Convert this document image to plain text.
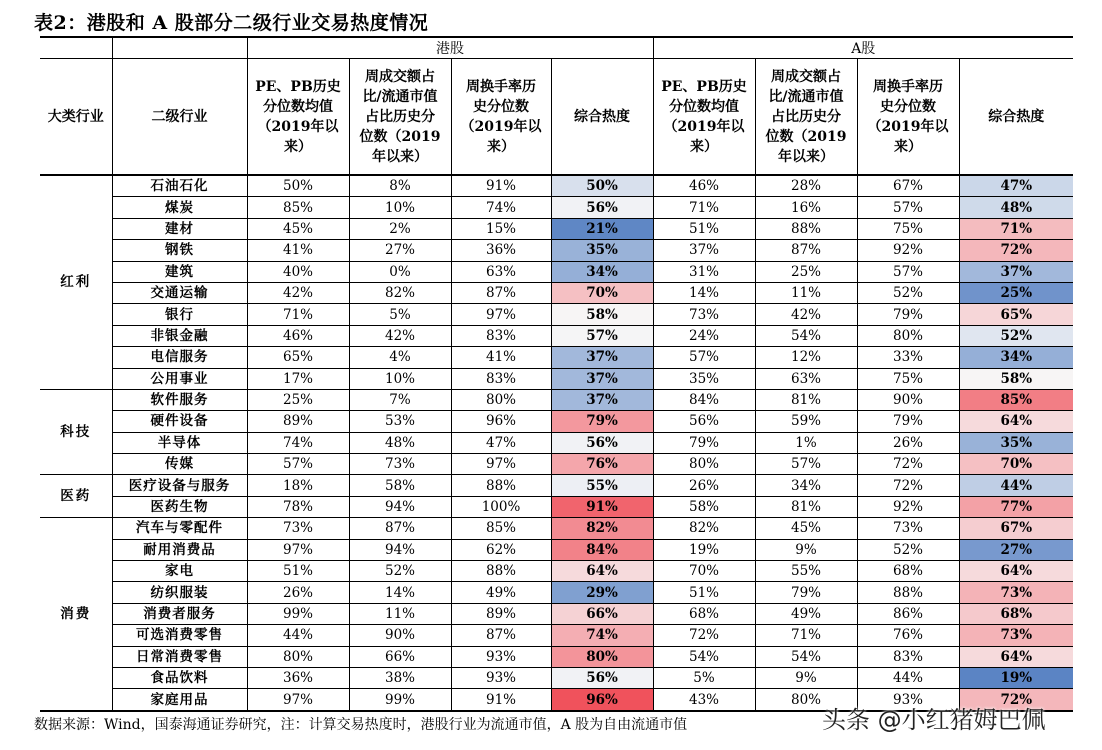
表2：港股和 A 股部分二级行业交易热度情况
		港股				A股			
大类行业	二级行业	PE、PB历史
分位数均值
（2019年以
来）	周成交额占
比/流通市值
占比历史分
位数（2019
年以来）	周换手率历
史分位数
（2019年以
来）	综合热度	PE、PB历史
分位数均值
（2019年以
来）	周成交额占
比/流通市值
占比历史分
位数（2019
年以来）	周换手率历
史分位数
（2019年以
来）	综合热度
红利	石油石化	50%	8%	91%	50%	46%	28%	67%	47%
	煤炭	85%	10%	74%	56%	71%	16%	57%	48%
	建材	45%	2%	15%	21%	51%	88%	75%	71%
	钢铁	41%	27%	36%	35%	37%	87%	92%	72%
	建筑	40%	0%	63%	34%	31%	25%	57%	37%
	交通运输	42%	82%	87%	70%	14%	11%	52%	25%
	银行	71%	5%	97%	58%	73%	42%	79%	65%
	非银金融	46%	42%	83%	57%	24%	54%	80%	52%
	电信服务	65%	4%	41%	37%	57%	12%	33%	34%
	公用事业	17%	10%	83%	37%	35%	63%	75%	58%
科技	软件服务	25%	7%	80%	37%	84%	81%	90%	85%
	硬件设备	89%	53%	96%	79%	56%	59%	79%	64%
	半导体	74%	48%	47%	56%	79%	1%	26%	35%
	传媒	57%	73%	97%	76%	80%	57%	72%	70%
医药	医疗设备与服务	18%	58%	88%	55%	26%	34%	72%	44%
	医药生物	78%	94%	100%	91%	58%	81%	92%	77%
消费	汽车与零配件	73%	87%	85%	82%	82%	45%	73%	67%
	耐用消费品	97%	94%	62%	84%	19%	9%	52%	27%
	家电	51%	52%	88%	64%	70%	55%	68%	64%
	纺织服装	26%	14%	49%	29%	51%	79%	88%	73%
	消费者服务	99%	11%	89%	66%	68%	49%	86%	68%
	可选消费零售	44%	90%	87%	74%	72%	71%	76%	73%
	日常消费零售	80%	66%	93%	80%	54%	54%	83%	64%
	食品饮料	36%	38%	93%	56%	5%	9%	44%	19%
	家庭用品	97%	99%	91%	96%	43%	80%	93%	72%
数据来源：Wind，国泰海通证券研究，注：计算交易热度时，港股行业为流通市值，A 股为自由流通市值	头条 @小红猪姆巴佩
